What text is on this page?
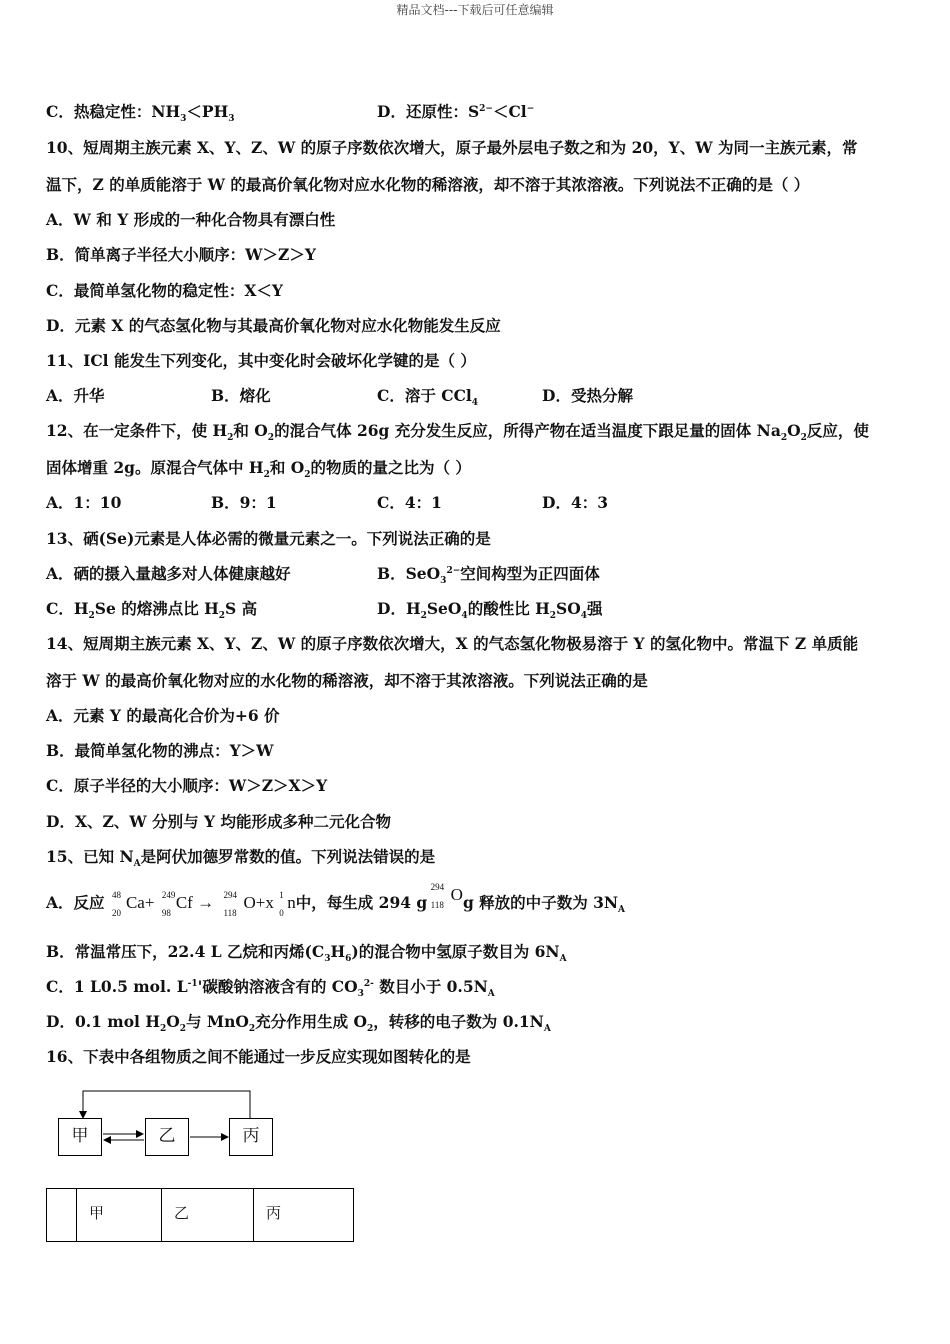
精品文档---下载后可任意编辑
C．热稳定性：$NH_3<PH_3$	D．还原性：$S^{2-}<Cl^-$
10、短周期主族元素 X、Y、Z、W 的原子序数依次增大，原子最外层电子数之和为 20，Y、W 为同一主族元素，常
温下，Z 的单质能溶于 W 的最高价氧化物对应水化物的稀溶液，却不溶于其浓溶液。下列说法不正确的是（ ）
A．W 和 Y 形成的一种化合物具有漂白性
B．简单离子半径大小顺序：W＞Z＞Y
C．最简单氢化物的稳定性：X＜Y
D．元素 X 的气态氢化物与其最高价氧化物对应水化物能发生反应
11、ICl 能发生下列变化，其中变化时会破坏化学键的是（ ）
A．升华	B．熔化	C．溶于 CCl$_4$	D．受热分解
12、在一定条件下，使 $H_2$和 $O_2$的混合气体 26g 充分发生反应，所得产物在适当温度下跟足量的固体 $Na_2O_2$反应，使
固体增重 2g。原混合气体中 $H_2$和 $O_2$的物质的量之比为（ ）
A．1：10	B．9：1	C．4：1	D．4：3
13、硒(Se)元素是人体必需的微量元素之一。下列说法正确的是
A．硒的摄入量越多对人体健康越好	B．SeO$_3^{2-}$空间构型为正四面体
C．$H_2Se$ 的熔沸点比 $H_2S$ 高	D．$H_2SeO_4$的酸性比 $H_2SO_4$强
14、短周期主族元素 X、Y、Z、W 的原子序数依次增大，X 的气态氢化物极易溶于 Y 的氢化物中。常温下 Z 单质能
溶于 W 的最高价氧化物对应的水化物的稀溶液，却不溶于其浓溶液。下列说法正确的是
A．元素 Y 的最高化合价为+6 价
B．最简单氢化物的沸点：Y＞W
C．原子半径的大小顺序：W＞Z＞X＞Y
D．X、Z、W 分别与 Y 均能形成多种二元化合物
15、已知 $N_A$是阿伏加德罗常数的值。下列说法错误的是
A．反应 48
20
Ca+ 249
98
Cf → 294
118
O+x 1
0
n中，每生成 294 g
294
118
Og 释放的中子数为 $3N_A$
B．常温常压下，22.4 L 乙烷和丙烯$(C_3H_6)$的混合物中氢原子数目为 $6N_A$
C．1 L0.5 mol. $L^{-1}'$碳酸钠溶液含有的 $CO_3^{2-}$ 数目小于 $0.5N_A$
D．0.1 mol $H_2O_2$与 MnO$_2$充分作用生成 $O_2$，转移的电子数为 $0.1N_A$
16、下表中各组物质之间不能通过一步反应实现如图转化的是
甲	乙	丙
	甲	乙	丙
